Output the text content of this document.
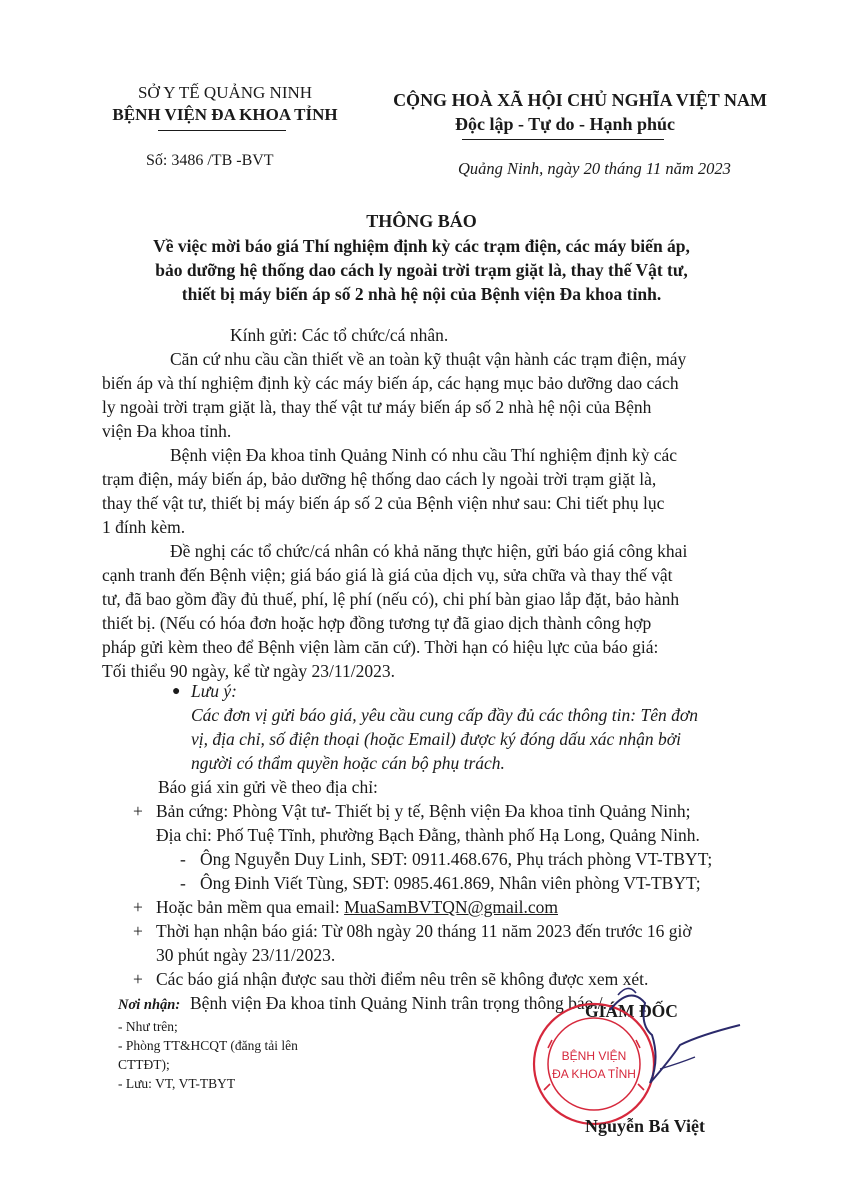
SỞ Y TẾ QUẢNG NINH
BỆNH VIỆN ĐA KHOA TỈNH
Số: 3486 /TB -BVT
CỘNG HOÀ XÃ HỘI CHỦ NGHĨA VIỆT NAM
Độc lập - Tự do - Hạnh phúc
Quảng Ninh, ngày 20 tháng 11 năm 2023
THÔNG BÁO
Về việc mời báo giá Thí nghiệm định kỳ các trạm điện, các máy biến áp,
bảo dưỡng hệ thống dao cách ly ngoài trời trạm giặt là, thay thế Vật tư,
thiết bị máy biến áp số 2 nhà hệ nội của Bệnh viện Đa khoa tỉnh.
Kính gửi: Các tổ chức/cá nhân.
Căn cứ nhu cầu cần thiết về an toàn kỹ thuật vận hành các trạm điện, máy
biến áp và thí nghiệm định kỳ các máy biến áp, các hạng mục bảo dưỡng dao cách
ly ngoài trời trạm giặt là, thay thế vật tư máy biến áp số 2 nhà hệ nội của Bệnh
viện Đa khoa tỉnh.
Bệnh viện Đa khoa tỉnh Quảng Ninh có nhu cầu Thí nghiệm định kỳ các
trạm điện, máy biến áp, bảo dưỡng hệ thống dao cách ly ngoài trời trạm giặt là,
thay thế vật tư, thiết bị máy biến áp số 2 của Bệnh viện như sau: Chi tiết phụ lục
1 đính kèm.
Đề nghị các tổ chức/cá nhân có khả năng thực hiện, gửi báo giá công khai
cạnh tranh đến Bệnh viện; giá báo giá là giá của dịch vụ, sửa chữa và thay thế vật
tư, đã bao gồm đầy đủ thuế, phí, lệ phí (nếu có), chi phí bàn giao lắp đặt, bảo hành
thiết bị. (Nếu có hóa đơn hoặc hợp đồng tương tự đã giao dịch thành công hợp
pháp gửi kèm theo để Bệnh viện làm căn cứ). Thời hạn có hiệu lực của báo giá:
Tối thiểu 90 ngày, kể từ ngày 23/11/2023.
● Lưu ý:
Các đơn vị gửi báo giá, yêu cầu cung cấp đầy đủ các thông tin: Tên đơn
vị, địa chỉ, số điện thoại (hoặc Email) được ký đóng dấu xác nhận bởi
người có thẩm quyền hoặc cán bộ phụ trách.
Báo giá xin gửi về theo địa chỉ:
+ Bản cứng: Phòng Vật tư- Thiết bị y tế, Bệnh viện Đa khoa tỉnh Quảng Ninh;
Địa chỉ: Phố Tuệ Tĩnh, phường Bạch Đằng, thành phố Hạ Long, Quảng Ninh.
- Ông Nguyễn Duy Linh, SĐT: 0911.468.676, Phụ trách phòng VT-TBYT;
- Ông Đinh Viết Tùng, SĐT: 0985.461.869, Nhân viên phòng VT-TBYT;
+ Hoặc bản mềm qua email: MuaSamBVTQN@gmail.com
+ Thời hạn nhận báo giá: Từ 08h ngày 20 tháng 11 năm 2023 đến trước 16 giờ
30 phút ngày 23/11/2023.
+ Các báo giá nhận được sau thời điểm nêu trên sẽ không được xem xét.
Bệnh viện Đa khoa tỉnh Quảng Ninh trân trọng thông báo./.
Nơi nhận:
- Như trên;
- Phòng TT&HCQT (đăng tải lên
CTTĐT);
- Lưu: VT, VT-TBYT
GIÁM ĐỐC
BỆNH VIỆN
ĐA KHOA TỈNH
Nguyễn Bá Việt
